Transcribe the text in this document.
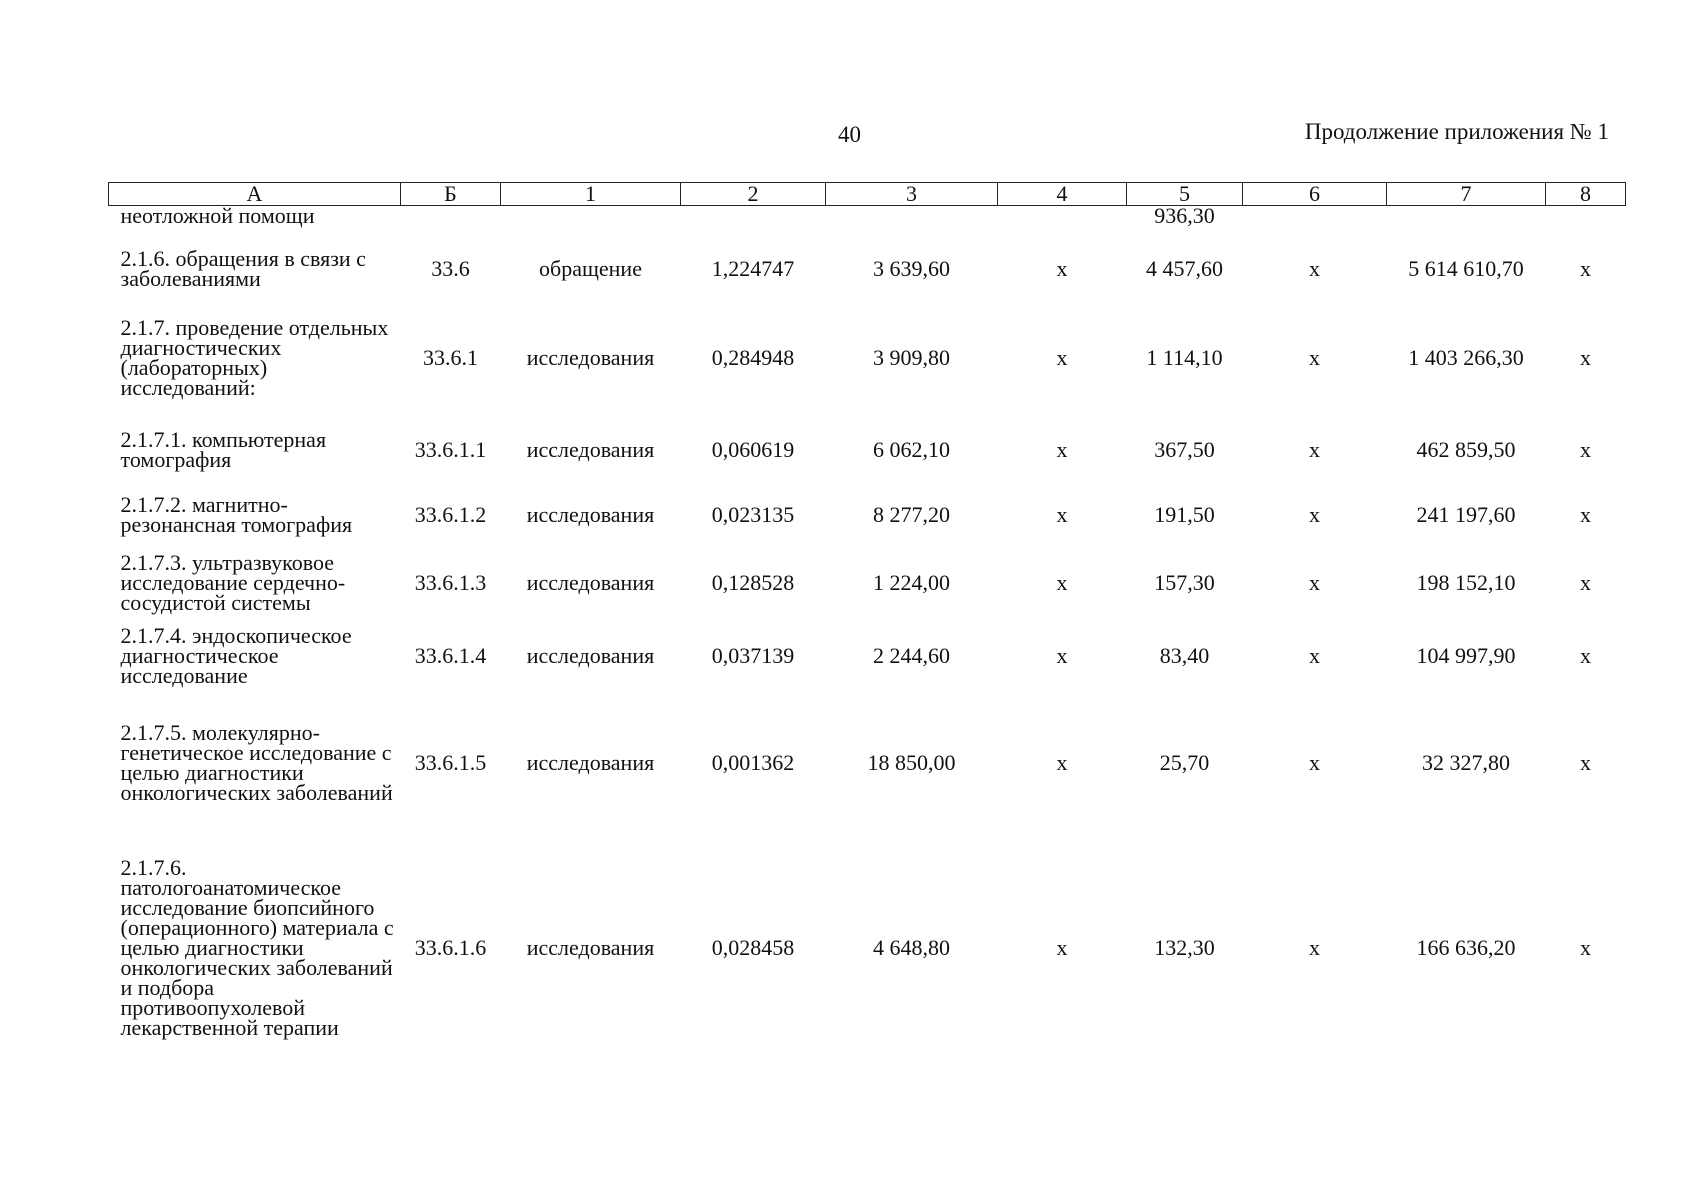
40	Продолжение приложения № 1
А	Б	1	2	3	4	5	6	7	8
неотложной помощи						936,30			
2.1.6. обращения в связи с заболеваниями	33.6	обращение	1,224747	3 639,60	х	4 457,60	х	5 614 610,70	х
2.1.7. проведение отдельных диагностических (лабораторных) исследований:	33.6.1	исследования	0,284948	3 909,80	х	1 114,10	х	1 403 266,30	х
2.1.7.1. компьютерная томография	33.6.1.1	исследования	0,060619	6 062,10	х	367,50	х	462 859,50	х
2.1.7.2. магнитно-резонансная томография	33.6.1.2	исследования	0,023135	8 277,20	х	191,50	х	241 197,60	х
2.1.7.3. ультразвуковое исследование сердечно-сосудистой системы	33.6.1.3	исследования	0,128528	1 224,00	х	157,30	х	198 152,10	х
2.1.7.4. эндоскопическое диагностическое исследование	33.6.1.4	исследования	0,037139	2 244,60	х	83,40	х	104 997,90	х
2.1.7.5. молекулярно-генетическое исследование с целью диагностики онкологических заболеваний	33.6.1.5	исследования	0,001362	18 850,00	х	25,70	х	32 327,80	х
2.1.7.6. патологоанатомическое исследование биопсийного (операционного) материала с целью диагностики онкологических заболеваний и подбора противоопухолевой лекарственной терапии	33.6.1.6	исследования	0,028458	4 648,80	х	132,30	х	166 636,20	х
